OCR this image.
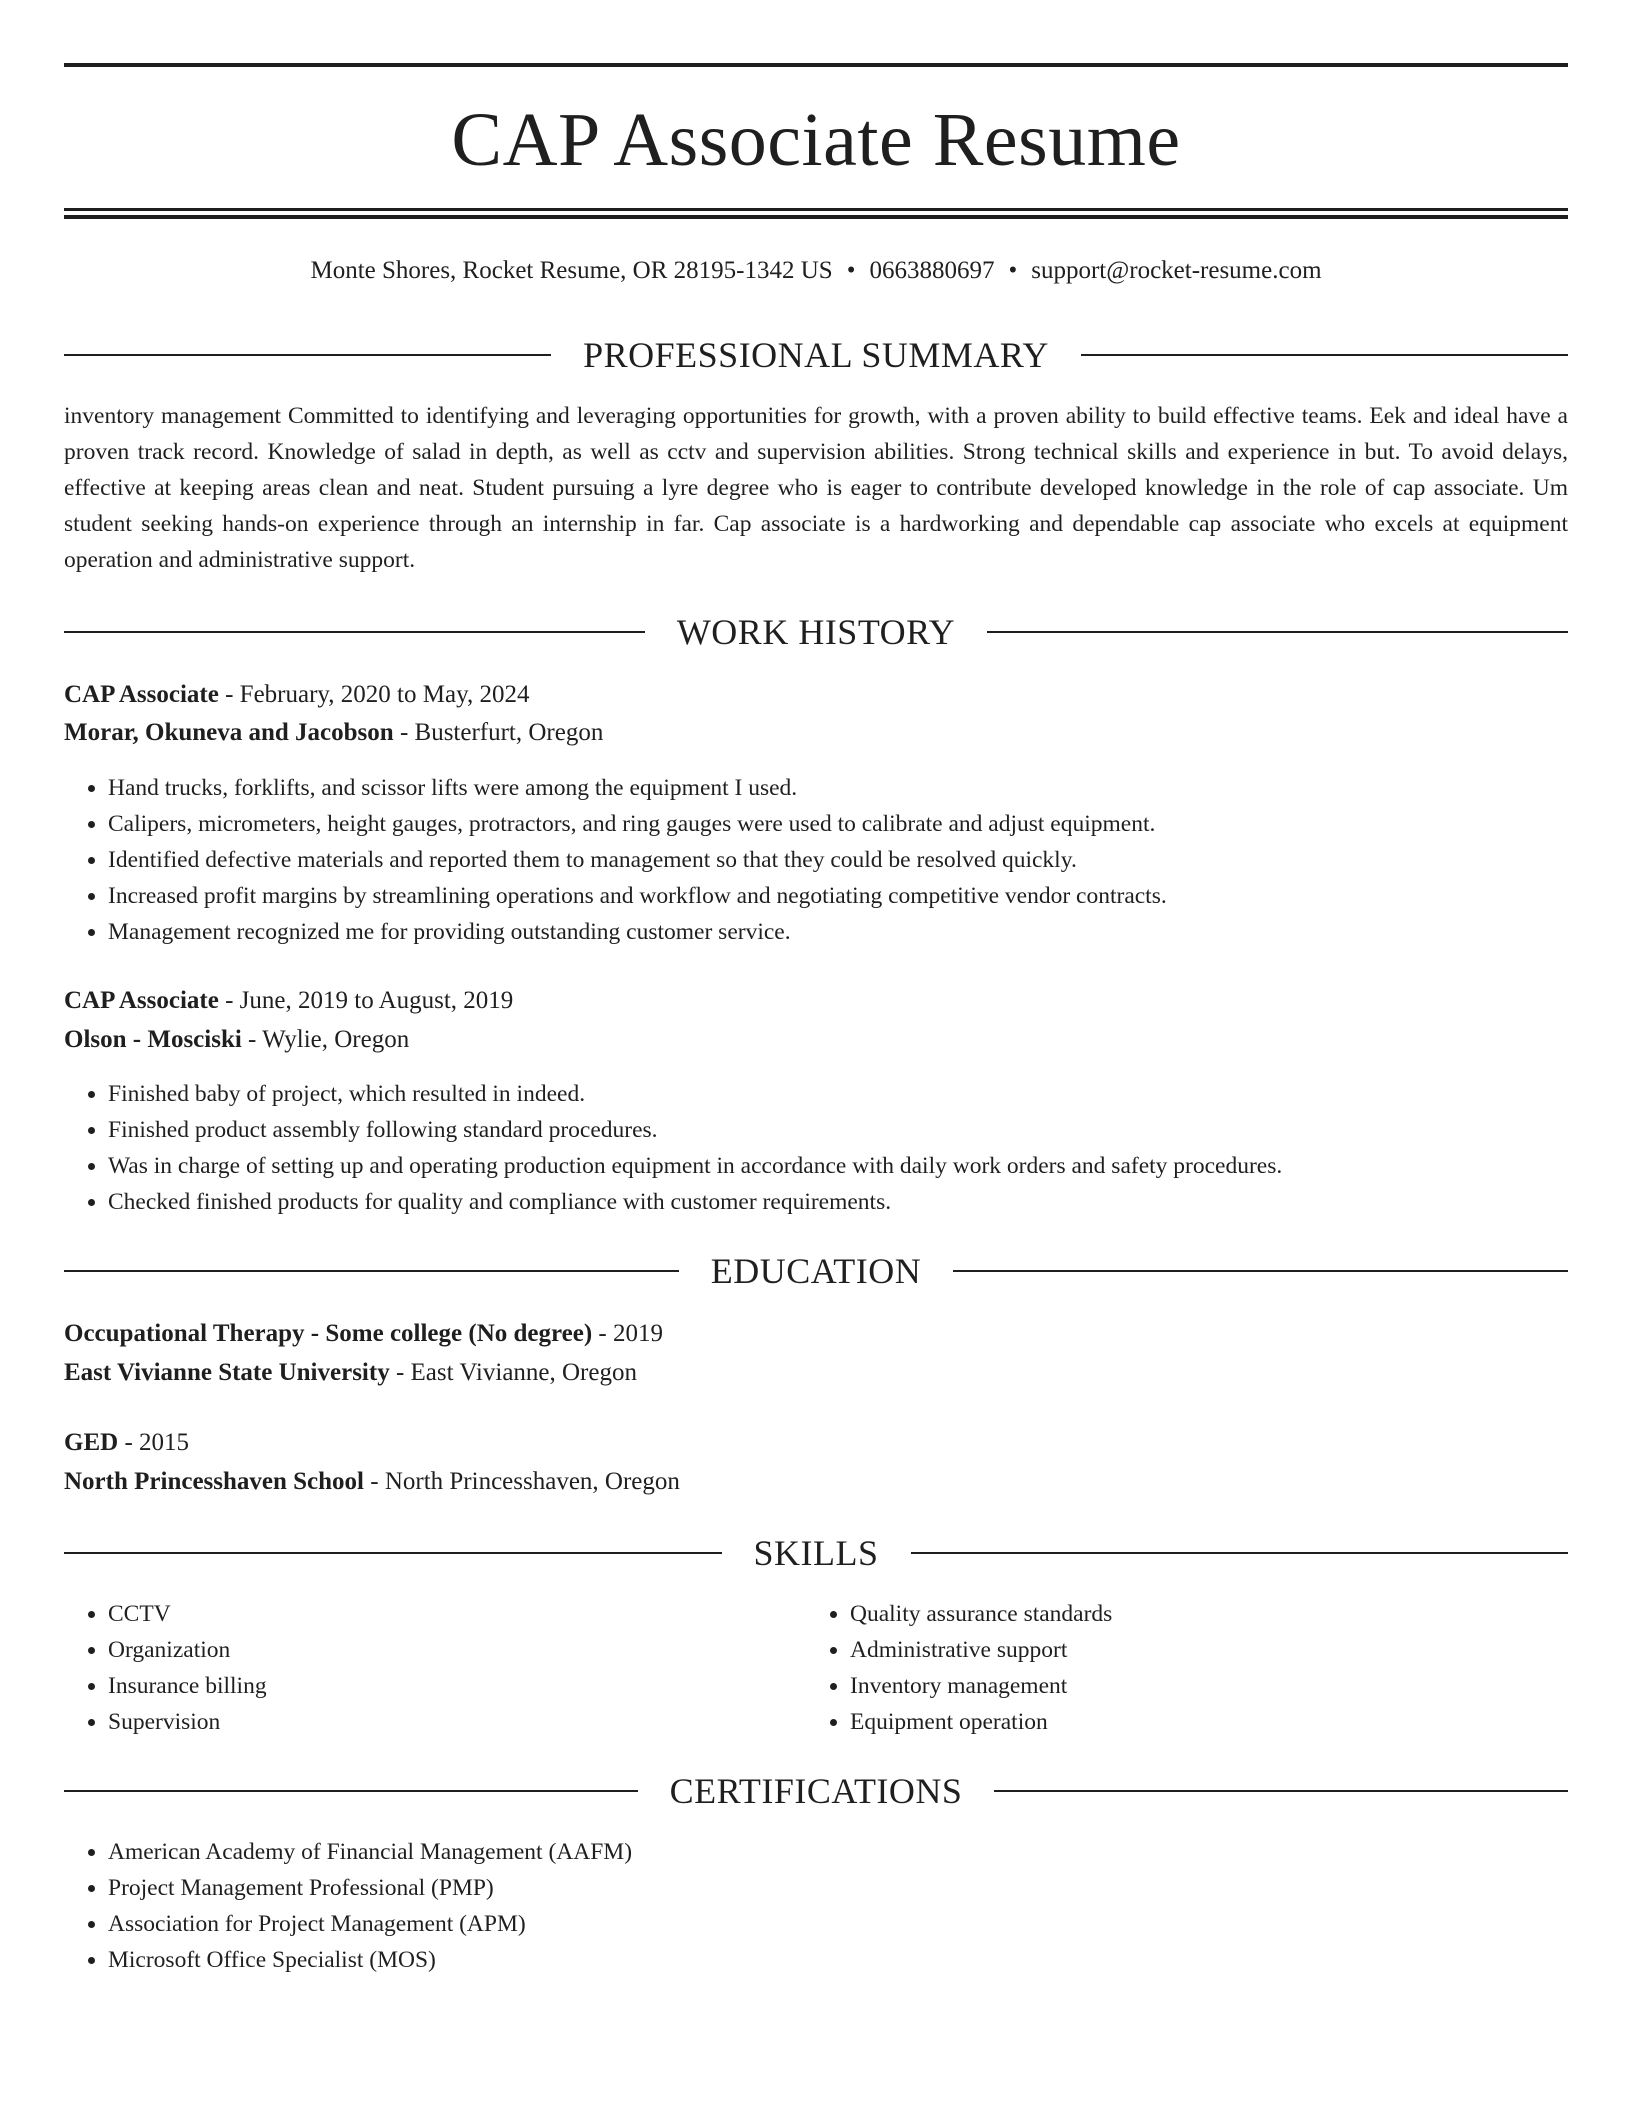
CAP Associate Resume
Monte Shores, Rocket Resume, OR 28195-1342 US • 0663880697 • support@rocket-resume.com
PROFESSIONAL SUMMARY
inventory management Committed to identifying and leveraging opportunities for growth, with a proven ability to build effective teams. Eek and ideal have a proven track record. Knowledge of salad in depth, as well as cctv and supervision abilities. Strong technical skills and experience in but. To avoid delays, effective at keeping areas clean and neat. Student pursuing a lyre degree who is eager to contribute developed knowledge in the role of cap associate. Um student seeking hands-on experience through an internship in far. Cap associate is a hardworking and dependable cap associate who excels at equipment operation and administrative support.
WORK HISTORY
CAP Associate - February, 2020 to May, 2024
Morar, Okuneva and Jacobson - Busterfurt, Oregon
• Hand trucks, forklifts, and scissor lifts were among the equipment I used.
• Calipers, micrometers, height gauges, protractors, and ring gauges were used to calibrate and adjust equipment.
• Identified defective materials and reported them to management so that they could be resolved quickly.
• Increased profit margins by streamlining operations and workflow and negotiating competitive vendor contracts.
• Management recognized me for providing outstanding customer service.
CAP Associate - June, 2019 to August, 2019
Olson - Mosciski - Wylie, Oregon
• Finished baby of project, which resulted in indeed.
• Finished product assembly following standard procedures.
• Was in charge of setting up and operating production equipment in accordance with daily work orders and safety procedures.
• Checked finished products for quality and compliance with customer requirements.
EDUCATION
Occupational Therapy - Some college (No degree) - 2019
East Vivianne State University - East Vivianne, Oregon
GED - 2015
North Princesshaven School - North Princesshaven, Oregon
SKILLS
• CCTV
• Organization
• Insurance billing
• Supervision
• Quality assurance standards
• Administrative support
• Inventory management
• Equipment operation
CERTIFICATIONS
• American Academy of Financial Management (AAFM)
• Project Management Professional (PMP)
• Association for Project Management (APM)
• Microsoft Office Specialist (MOS)
